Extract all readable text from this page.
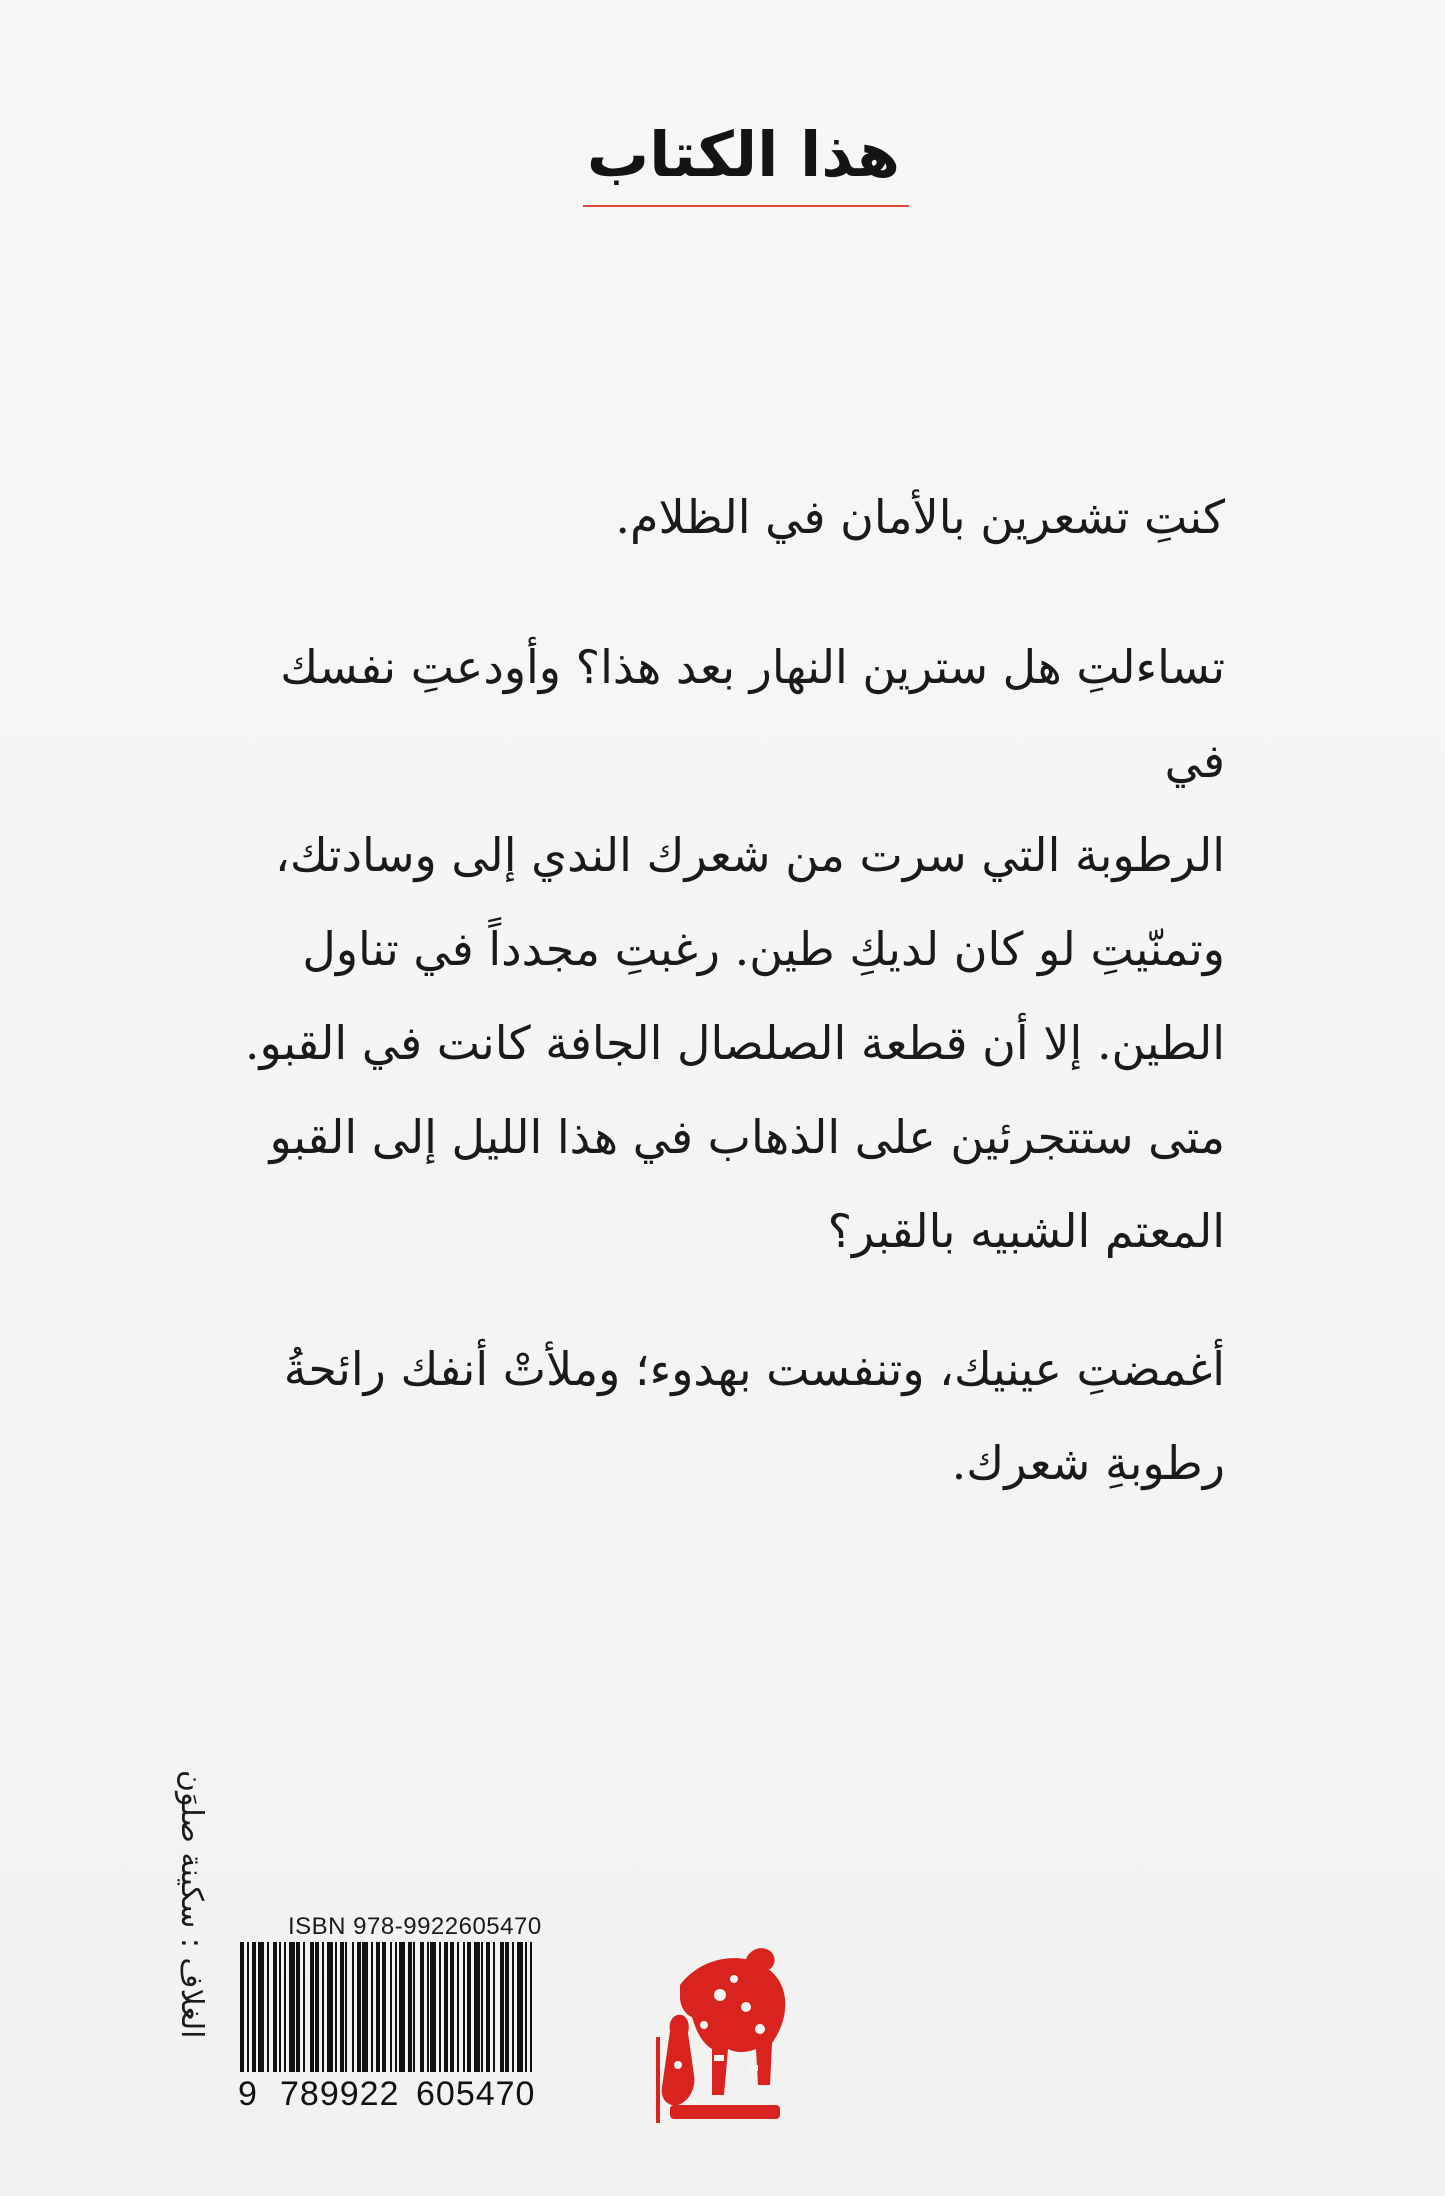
هذا الكتاب
كنتِ تشعرين بالأمان في الظلام.
تساءلتِ هل سترين النهار بعد هذا؟ وأودعتِ نفسك في
الرطوبة التي سرت من شعرك الندي إلى وسادتك،
وتمنّيتِ لو كان لديكِ طين. رغبتِ مجدداً في تناول
الطين. إلا أن قطعة الصلصال الجافة كانت في القبو.
متى ستتجرئين على الذهاب في هذا الليل إلى القبو
المعتم الشبيه بالقبر؟
أغمضتِ عينيك، وتنفست بهدوء؛ وملأتْ أنفك رائحةُ
رطوبةِ شعرك.
الغلاف : سكينة صلوَن	ISBN 978-9922605470
9 789922 605470
